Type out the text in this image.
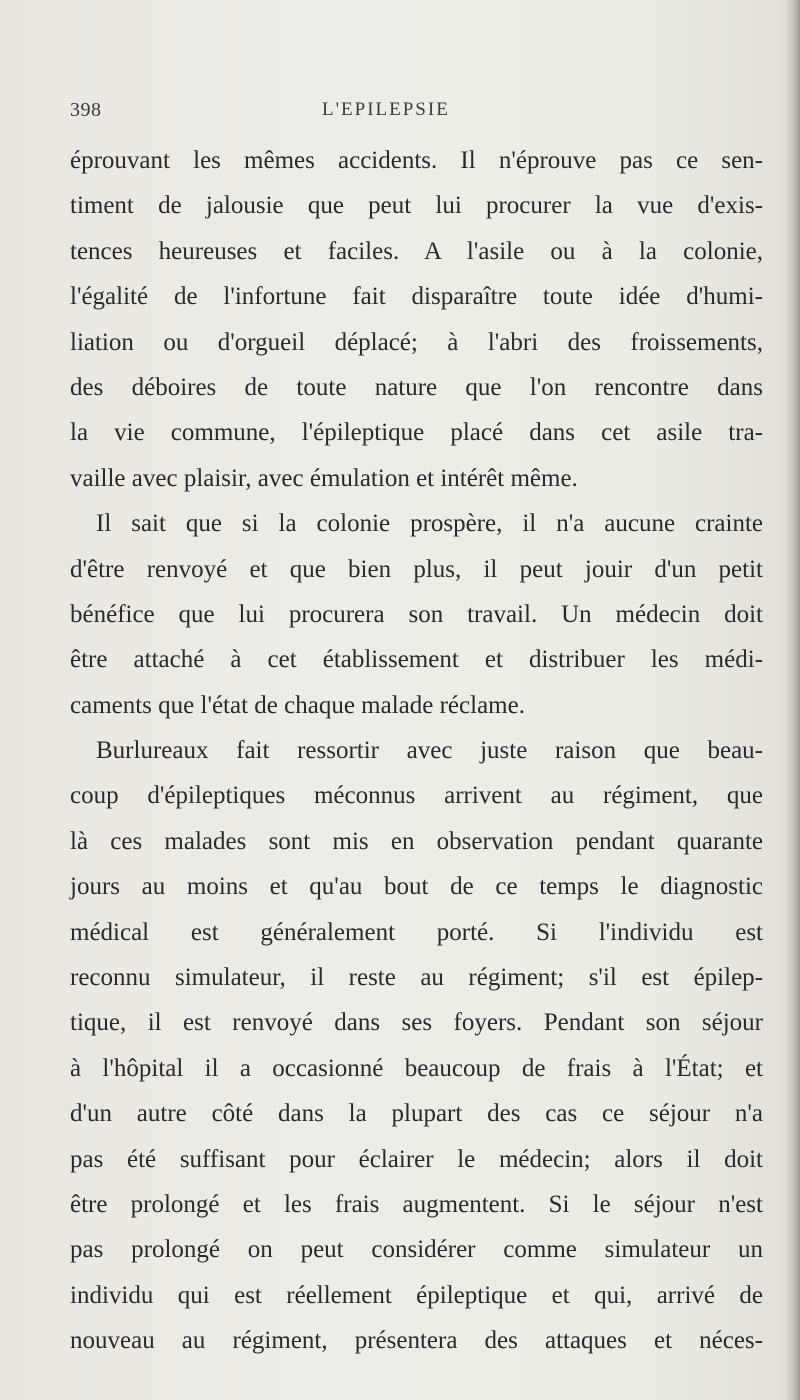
398	L'EPILEPSIE
éprouvant les mêmes accidents. Il n'éprouve pas ce sen-
timent de jalousie que peut lui procurer la vue d'exis-
tences heureuses et faciles. A l'asile ou à la colonie,
l'égalité de l'infortune fait disparaître toute idée d'humi-
liation ou d'orgueil déplacé; à l'abri des froissements,
des déboires de toute nature que l'on rencontre dans
la vie commune, l'épileptique placé dans cet asile tra-
vaille avec plaisir, avec émulation et intérêt même.
Il sait que si la colonie prospère, il n'a aucune crainte
d'être renvoyé et que bien plus, il peut jouir d'un petit
bénéfice que lui procurera son travail. Un médecin doit
être attaché à cet établissement et distribuer les médi-
caments que l'état de chaque malade réclame.
Burlureaux fait ressortir avec juste raison que beau-
coup d'épileptiques méconnus arrivent au régiment, que
là ces malades sont mis en observation pendant quarante
jours au moins et qu'au bout de ce temps le diagnostic
médical est généralement porté. Si l'individu est
reconnu simulateur, il reste au régiment; s'il est épilep-
tique, il est renvoyé dans ses foyers. Pendant son séjour
à l'hôpital il a occasionné beaucoup de frais à l'État; et
d'un autre côté dans la plupart des cas ce séjour n'a
pas été suffisant pour éclairer le médecin; alors il doit
être prolongé et les frais augmentent. Si le séjour n'est
pas prolongé on peut considérer comme simulateur un
individu qui est réellement épileptique et qui, arrivé de
nouveau au régiment, présentera des attaques et néces-
